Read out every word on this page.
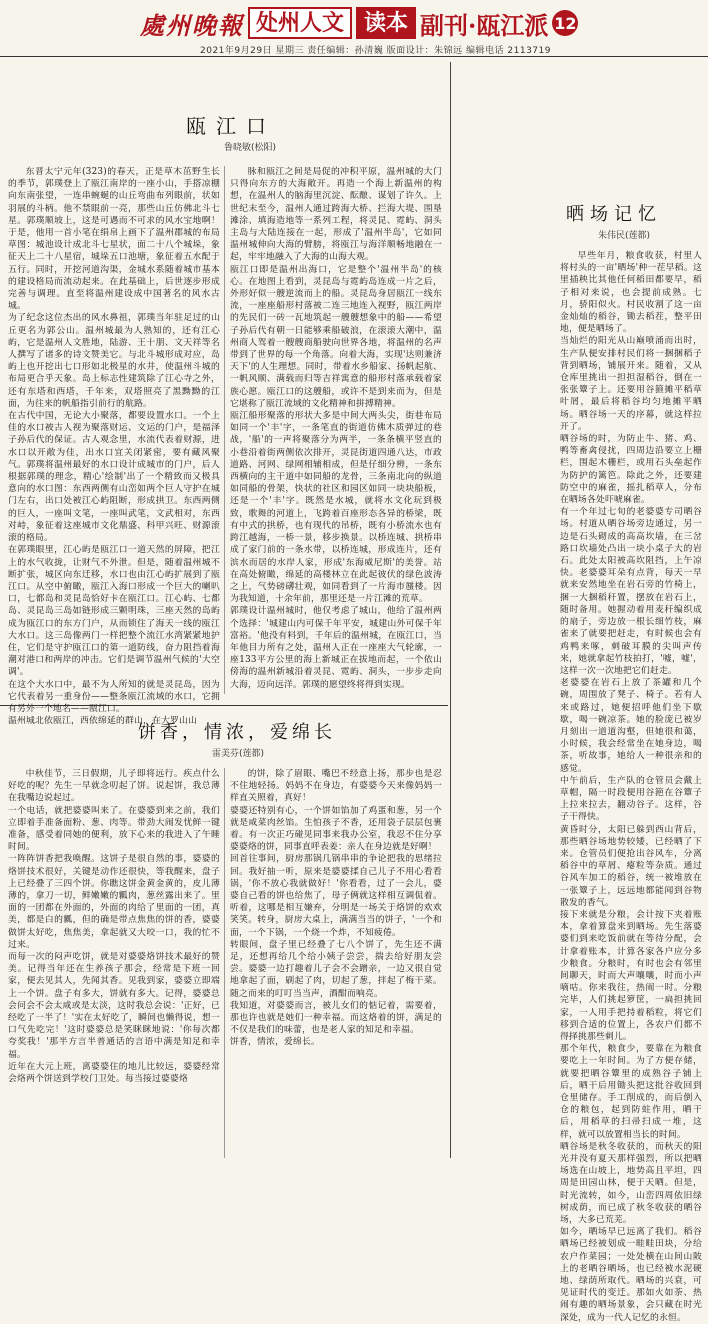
處州晚報 处州人文 读本 副刊·瓯江派 12
2021年9月29日 星期三 责任编辑：孙清巍 版面设计：朱锦远 编辑电话 2113719
瓯江口
鲁晓敏(松阳)

东晋太宁元年(323)的春天，正是草木茁野生长的季节，郭璞登上了瓯江南岸的一座小山，手搭凉棚向东南张望，一连串蜿蜒的山丘弯曲布列眼前，状如羽展的斗柄。他不禁眼前一亮，那些山丘仿佛北斗七星。郭璞顺坡上，这是可遇而不可求的风水宝地啊！于是，他用一首小笔在绢帛上画下了温州郡城的布局草图：城池设计成北斗七星状，面二十八个城垛，象征天上二十八星宿，城垛五口池塘，象征着五水配于五行。同时，开挖河道沟渠，金城水系随着城市基本的建设格局而流动起来。在此基础上，后世逐步形成完善与调理。直至将温州建设成中国著名的风水古城。
为了纪念这位杰出的风水鼻祖，郭璞当年驻足过的山丘更名为郭公山。温州城最为人熟知的，还有江心屿，它是温州人文胜地，陆游、王十朋、文天祥等名人撰写了诸多的诗文赞美它。与北斗城形成对应，岛屿上也开挖出七口形如北极星的水井，使温州斗城的布局更合乎天象。岛上标志性建筑除了江心寺之外，还有东塔和西塔，千年来，双塔照亮了黑黝黝的江面，为往来的帆船指引前行的航路。
在古代中国，无论大小聚落，都要设置水口。一个上佳的水口被古人视为聚落财运、文运的门户，是福泽子孙后代的保证。古人观念里，水流代表着财源，进水口以开敞为佳，出水口宜关闭紧密，要有藏风聚气。郭璞将温州最好的水口设计成城市的门户，后人根据郭璞的理念，精心'绘制'出了一个精致而又极具意向的水口图：东西两侧有山峦如两个巨人守护在城门左右，出口处被江心屿阻断，形成拱卫。东西两侧的巨人，一座叫文笔，一座叫武笔，文武相对，东西对峙，象征着这座城市文化鼎盛、科甲兴旺、财源滚滚的格局。
在郭璞眼里，江心屿是瓯江口一道天然的屏障，把江上的水气收拢，让财气不外泄。但是，随着温州城不断扩张，城区向东迁移，水口也由江心屿扩展到了瓯江口。从空中俯瞰，瓯江入海口形成一个巨大的喇叭口，七都岛和灵昆岛恰好卡在瓯江口。江心屿、七都岛、灵昆岛三岛如链形成三颗明珠，三座天然的岛屿成为瓯江口的东方门户，从而锁住了海天一线的瓯江大水口。这三岛像两门一样把整个流江水湾紧紧地护住，它们是守护瓯江口的第一道防线，奋力阻挡着海潮对港口和两岸的冲击。它们是调节温州气候的'大空调'。
在这个大水口中，最不为人所知的就是灵昆岛，因为它代表着另一重身份——整条瓯江流域的水口，它拥有另外一个地名——瓯江口。
温州城北依瓯江，西依绵延的群山，在大罗山山

脉和瓯江之间是局促的冲积平原，温州城的大门只得向东方的大海敞开。再造一个海上新温州的构想，在温州人的脑海里沉淀、酝酿、谋划了许久。上世纪末至今，温州人通过跨海大桥、拦海大堤、围垦滩涂、填海造地等一系列工程，将灵昆、霓屿、洞头主岛与大陆连接在一起，形成了'温州半岛'，它如同温州城伸向大海的臂膀，将瓯江与海洋顺畅地融在一起，牢牢地融入了大海的山海大观。
瓯江口即是温州出海口，它是整个'温州半岛'的核心。在地图上看到，灵昆岛与霓屿岛连成一片之后，外形好似一艘逆流而上的船。灵昆岛身居瓯江一线东流，一座座船形村落被二连三地连入视野，瓯江两岸的先民们一砖一瓦地筑起一艘艘想象中的船——希望子孙后代有朝一日能够乘船破浪，在滚滚大潮中，温州商人驾着一艘艘商船驶向世界各地，将温州的名声带到了世界的每一个角落。向着大海，实现'达则兼济天下'的人生理想。同时，带着水乡船家、扬帆起航、一帆风顺、满载而归等吉祥寓意的船形村落承载着家族心愿。瓯江口的这艘船，或许不是到来而为，但是它堪称了瓯江流域的文化精神和拼搏精神。
瓯江船形聚落的形状大多是中间大两头尖，街巷布局如同一个'丰'字，一条笔直的街道仿佛木质弹过的巷战，'船'的一声将聚落分为两半，一条条横平竖直的小巷沿着街两侧依次排开，灵昆街道四通八达，市政道路、河网、绿网相辅相成，但是仔细分辨，一条东西横向的主干道中如同船的龙骨，三条南北向的纵道如同船的骨架，快状的社区和园区如同一块块船板，还是一个'丰'字。既然是水城，就将水文化玩到极致，歌舞的河道上，飞跨着百座形态各异的桥梁，既有中式的拱桥，也有现代的吊桥，既有小桥流水也有跨江越海，一桥一景，移步换景。以桥连城、拱桥串成了家门前的一条水带，以桥连城，形成连片，还有滨水而居的水岸人家，形成'东海威尼斯'的美誉。站在高处俯瞰，绵延的高楼林立在此起彼伏的绿色波涛之上，气势磅礴壮观，如同看到了一片海市蜃楼。因为我知道，十余年前，那里还是一片江滩的荒草。
郭璞设计温州城时，他仅考虑了城山，他给了温州两个选择：'城建山内可保千年平安，城建山外可保千年富裕。'他没有料到，千年后的温州城，在瓯江口，当年他目力所有之处，温州人正在一座座大气轮廓，一座133平方公里的海上新城正在拔地而起，一个依山傍海的温州新城沿着灵昆、霓屿、洞头，一步步走向大海，迈向远洋。郭璞的愿望终将得到实现。

晒场记忆
朱伟民(莲都)

早些年月，粮食收获，村里人将村头的一亩'晒场'种一茬早稻。这里插秧比其他任何稻田都要早，稻子相对来说，也会提前成熟。七月，骄阳似火。村民收割了这一亩金灿灿的稻谷，锄去稻茬，整平田地，便是晒场了。
当灿烂的阳光从山巅喷涌而出时，生产队便安排村民们将一捆捆稻子背到晒场，铺展开来。随着，又从仓库里挑出一担担湿稻谷，倒在一张张簟子上。还要用谷箍摊平稻草叶屑，最后将稻谷均匀地摊平晒场。晒谷场一天的序幕，就这样拉开了。
晒谷场的时，为防止牛、猪、鸡、鸭等畜禽侵扰，四周边沿要立上栅栏，围起木栅栏，或用石头垒起作为防护的篱笆。除此之外，还要建防空中的麻雀，摇扎稻草人，分布在晒场各处吓唬麻雀。
有一个年过七旬的老婆婆专司晒谷场。村道从晒谷场旁边通过，另一边是石头砌成的高高坎墙，在三岔路口坎墙处凸出一块小桌子大的岩石。此处太阳被高坎阻挡，上午凉快。老婆婆耳朵有点背，每天一早就来安然地坐在岩石旁的竹椅上，捆一大捆稻秆置，摆放在岩石上，随时备用。她握动着用麦秆编织成的扇子，旁边放一根长细竹枝，麻雀来了就要把赶走，有时候也会有鸡鸭来啄，刺破耳膜的尖叫声传来，她就拿起竹枝拍打，'嘘，嘘'，这样一次一次地把它们赶走。
老婆婆在岩石上放了茶罐和几个碗，周围放了凳子、椅子。若有人来或路过，她便招呼他们坐下歇歇，喝一碗凉茶。她的脸庞已被岁月刻出一道道沟壑，但她很和蔼，小时候，我会经常坐在她身边，喝茶，听故事，她给人一种很亲和的感觉。
中午前后，生产队的仓管员会戴上草帽，隔一时段便用谷筢在谷簟子上拉来拉去，翻动谷子。这样，谷子干得快。
黄昏时分，太阳已躲到西山背后，那些晒谷场地势较矮，已经晒了下来。仓管员们便抢出谷风车，分离稻谷中的草屑、瘪粒等杂质。通过谷风车加工的稻谷，统一被堆放在一张簟子上，远远地都能闻到谷物散发的香气。
接下来就是分粮，会计按下夹着账本，拿着算盘来到晒场。先生落婆婆们到来吃饭前就在等待分配，会计拿着账本，计算各家各户应分多少粮食。分粮时，有时也会有邻里间聊天，时而大声嚷嚷，时而小声嘀咕。你来我往，热闹一时。分粮完毕，人们挑起箩筐，一扁担挑回家，一人用手把持着稻粒，将它们移到合适的位置上，各农户们都不得择挑那些刺儿。
那个年代，粮食少，要靠在为粮食要吃上一年时间。为了方便存储，就要把晒谷簟里的成熟谷子铺上后，晒干后用锄头把这批谷收回到仓里储存。手工削成的，而后倒入仓的粮包，起到防蛀作用，晒干后，用稻草的扫帚扫成一堆，这样，就可以放置相当长的时间。
晒谷场是秋冬收获的，而秋天的阳光并没有夏天那样强烈，所以把晒场选在山坡上，地势高且平坦，四周是田园山林，便于天晒。但是，时光流转，如今，山峦四周依旧绿树成荫，而已成了秋冬收获的晒谷场，大多已荒芜。
如今，晒场早已远离了我们。稻谷晒场已经被划成一畦畦田块，分给农户作菜园；一处处横在山间山陂上的老晒谷晒场，也已经被水泥硬地、绿荫所取代。晒场的兴衰，可见证时代的变迁。那如火如荼、热闹有趣的晒场景象，会只藏在时光深处，成为一代人记忆的永恒。

饼香，情浓，爱绵长
雷美芬(莲都)

中秋佳节，三日假期，儿子即将远行。疾点什么好吃的呢？先生一早就念叨起了饼。说起饼，我总薄在我嘴边说起过。
一个电话，就把婆婆叫来了。在婆婆到来之前，我们立即着手准备面粉、葱、肉等。带劲大闹发忧鲜一键准备，感受着同她的便利，放下心来的我进入了午睡时间。
一阵阵饼香把我唤醒。这饼子是很自然的事，婆婆的烙饼技术很好，关键是动作还很快，等我醒来，盘子上已经叠了三四个饼。你瞧这饼金黄金黄的，皮儿薄薄的，拿刀一切，鲜嫩嫩的瓤肉，葱丝露出来了。里面的一团都在外面的，外面的肉给了里面的一团，真美，都是白的瓤，但的确是带点焦焦的饼的香，婆婆做饼太好吃，焦焦美，拿起就又大咬一口，我的忙不过来。
而每一次的闷声吃饼，就是对婆婆烙饼技术最好的赞美。记得当年还在生养孩子那会，经常是下班一回家，便去见其人，先闻其香。见我到家，婆婆立即端上一个饼。盘子有多大，饼就有多大。记得，婆婆总会问会不会太咸或是太淡，这时我总会说：'正好，已经吃了一半了！'实在太好吃了，瞬间也懒得说，想一口气先吃完！'这时婆婆总是笑眯眯地说：'你每次都夸奖我！'那半方言半普通话的言语中满是知足和幸福。
近年在大元上班，离婆婆住的地儿比较远，婆婆经常会烙两个饼送到学校门卫处。每当接过婆婆烙

的饼，除了眉眼、嘴巴不经意上扬，那步也是忍不住地轻扬。妈妈不在身边，有婆婆今天来像妈妈一样直关照着，真好！
婆婆还特别有心，一个饼如馅加了鸡蛋和葱，另一个就是咸菜肉丝馅。生怕孩子不香，还用袋子层层包裹着。有一次正巧碰见同事来我办公室，我忍不住分享婆婆烙的饼，同事直呼表姜：亲人在身边就是好啊！
回首往事间，厨房那锅几锅串串的争论把我的思绪拉回。我好抽一听，原来是婆婆揉自己儿子不用心看看锅，'你不放心我就做好！'你看看，过了一会儿，婆婆自己看的饼也给焦了，母子俩就这样相互调侃着。听着，这哪是相互嫌弃，分明是一场关于烙饼的欢欢笑笑。转身，厨房大桌上，满满当当的饼子，'一个和面，一个下锅，一个烧一个炸，不知疲倦。
转眼间，盘子里已经叠了七八个饼了，先生还不满足，还想再给几个给小姨子尝尝，揣去给好朋友尝尝。婆婆一边打趣着儿子会不会蹭亲，一边又很自觉地拿起了面，刷起了肉，切起了葱，拌起了梅干菜。随之而来的叮叮当当声，酒酣而响亮。
我知道，对婆婆而言，被儿女们的惦记着，需要着，那也许也就是她们一种幸福。而这烙着的饼，满足的不仅是我们的味蕾，也是老人家的知足和幸福。
饼香，情浓，爱绵长。
